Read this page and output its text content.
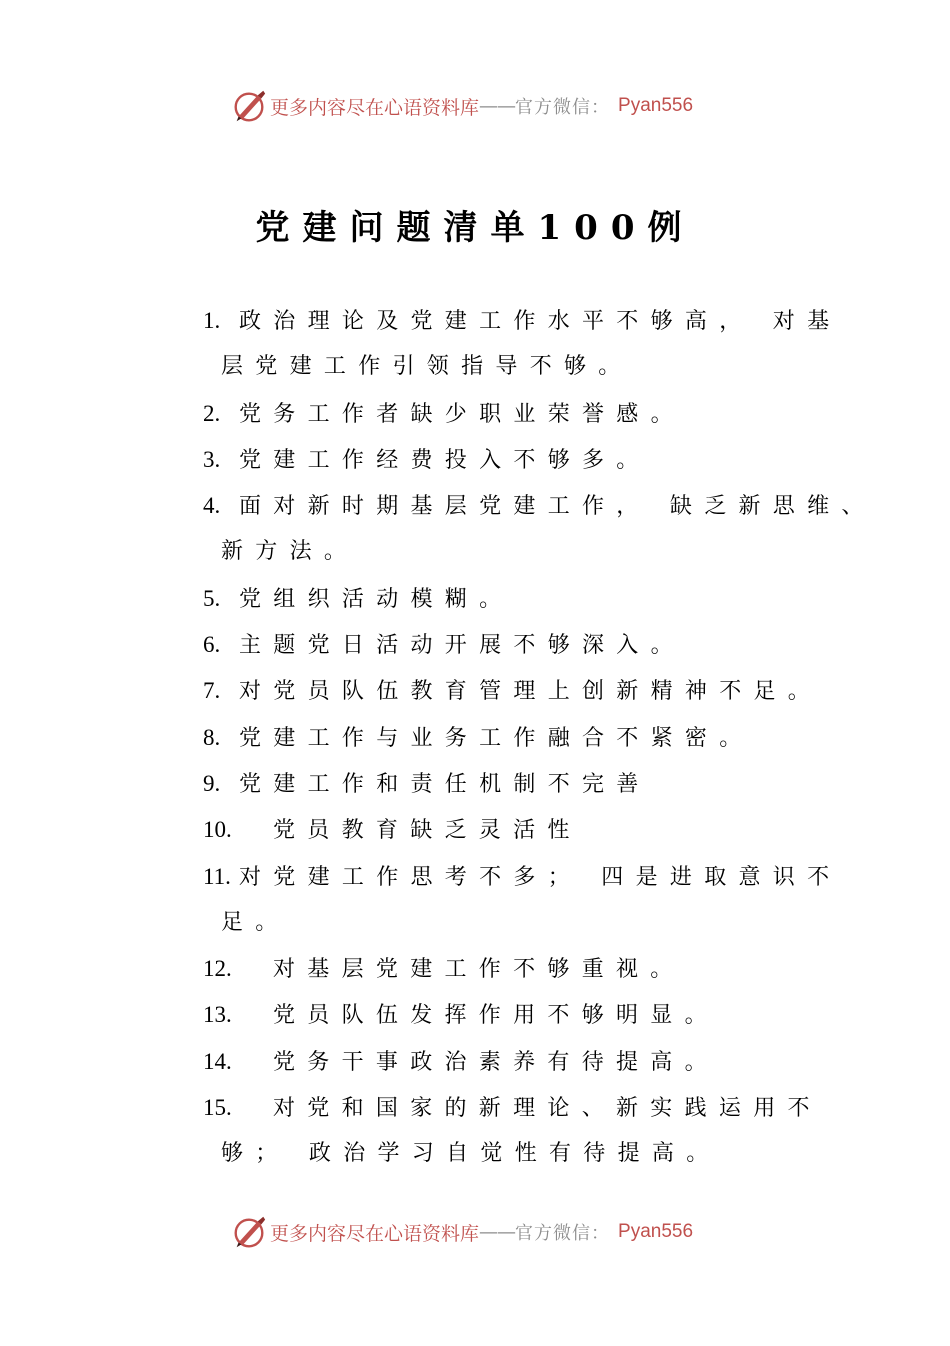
更多内容尽在心语资料库 —— 官方微信： Pyan556
党建问题清单100例
1. 政治理论及党建工作水平不够高， 对基
层党建工作引领指导不够。
2. 党务工作者缺少职业荣誉感。
3. 党建工作经费投入不够多。
4. 面对新时期基层党建工作， 缺乏新思维、
新方法。
5. 党组织活动模糊。
6. 主题党日活动开展不够深入。
7. 对党员队伍教育管理上创新精神不足。
8. 党建工作与业务工作融合不紧密。
9. 党建工作和责任机制不完善
10. 党员教育缺乏灵活性
11. 对党建工作思考不多； 四是进取意识不
足。
12. 对基层党建工作不够重视。
13. 党员队伍发挥作用不够明显。
14. 党务干事政治素养有待提高。
15. 对党和国家的新理论、新实践运用不
够； 政治学习自觉性有待提高。
更多内容尽在心语资料库 —— 官方微信： Pyan556
